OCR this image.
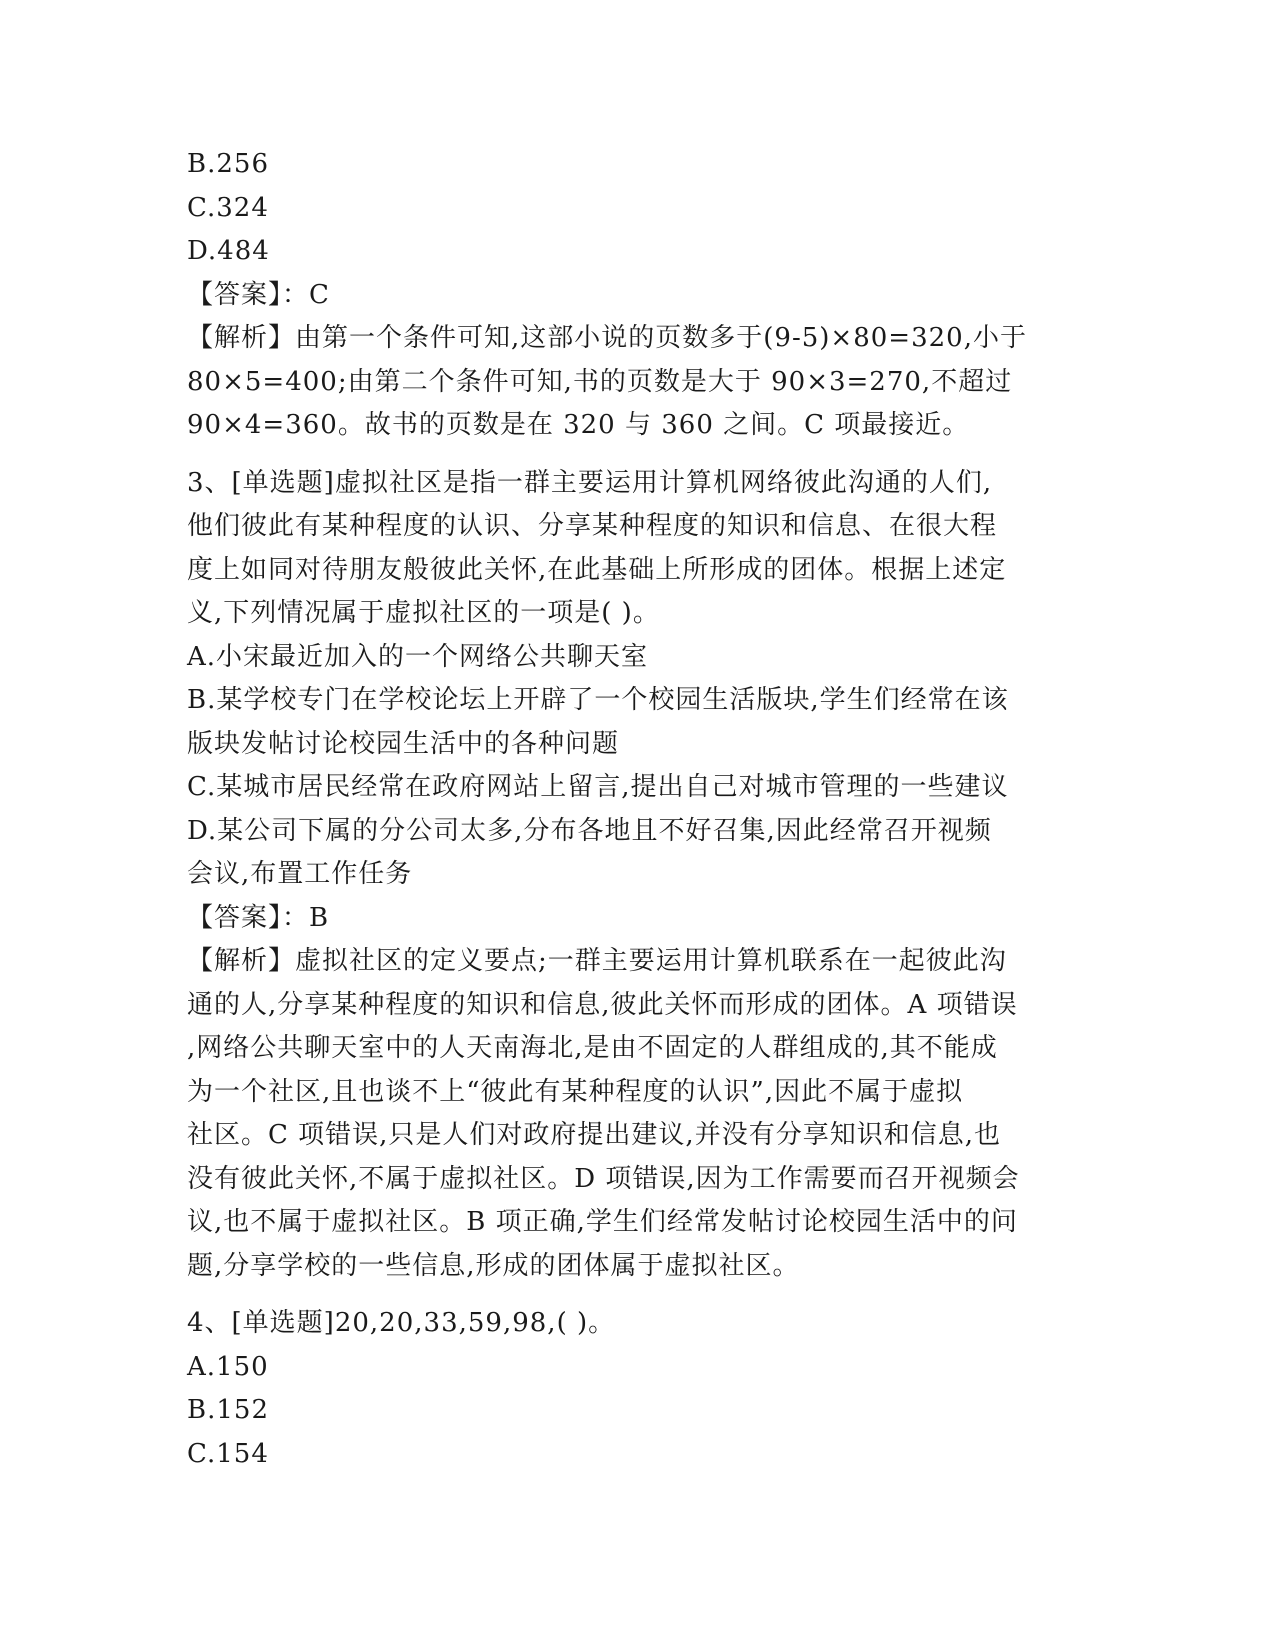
B.256
C.324
D.484
【答案】：C
【解析】由第一个条件可知,这部小说的页数多于(9-5)×80=320,小于
80×5=400;由第二个条件可知,书的页数是大于 90×3=270,不超过
90×4=360。故书的页数是在 320 与 360 之间。C 项最接近。
3、[单选题]虚拟社区是指一群主要运用计算机网络彼此沟通的人们,
他们彼此有某种程度的认识、分享某种程度的知识和信息、在很大程
度上如同对待朋友般彼此关怀,在此基础上所形成的团体。根据上述定
义,下列情况属于虚拟社区的一项是( )。
A.小宋最近加入的一个网络公共聊天室
B.某学校专门在学校论坛上开辟了一个校园生活版块,学生们经常在该
版块发帖讨论校园生活中的各种问题
C.某城市居民经常在政府网站上留言,提出自己对城市管理的一些建议
D.某公司下属的分公司太多,分布各地且不好召集,因此经常召开视频
会议,布置工作任务
【答案】：B
【解析】虚拟社区的定义要点;一群主要运用计算机联系在一起彼此沟
通的人,分享某种程度的知识和信息,彼此关怀而形成的团体。A 项错误
,网络公共聊天室中的人天南海北,是由不固定的人群组成的,其不能成
为一个社区,且也谈不上“彼此有某种程度的认识”,因此不属于虚拟
社区。C 项错误,只是人们对政府提出建议,并没有分享知识和信息,也
没有彼此关怀,不属于虚拟社区。D 项错误,因为工作需要而召开视频会
议,也不属于虚拟社区。B 项正确,学生们经常发帖讨论校园生活中的问
题,分享学校的一些信息,形成的团体属于虚拟社区。
4、[单选题]20,20,33,59,98,( )。
A.150
B.152
C.154
